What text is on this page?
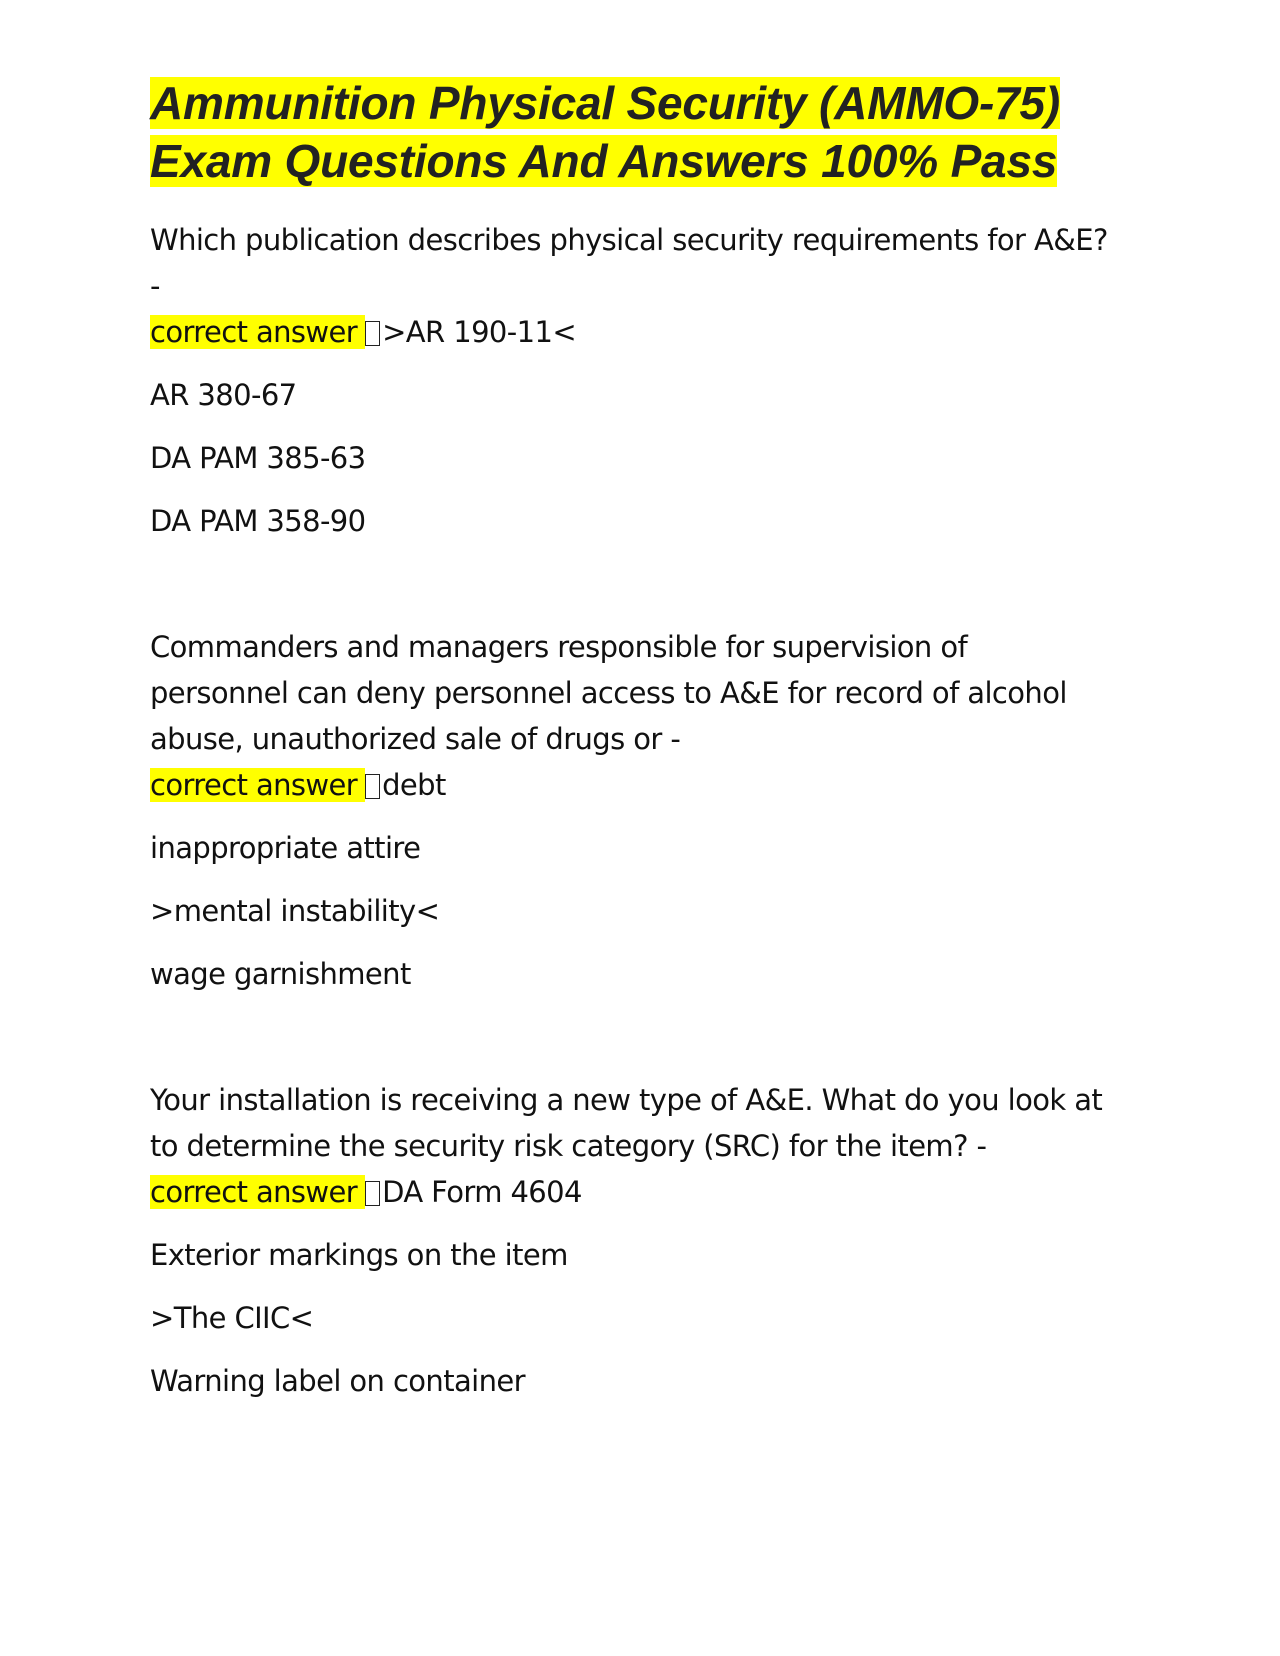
Ammunition Physical Security (AMMO-75) Exam Questions And Answers 100% Pass

Which publication describes physical security requirements for A&E? -

correct answer >AR 190-11<

AR 380-67

DA PAM 385-63

DA PAM 358-90

Commanders and managers responsible for supervision of personnel can deny personnel access to A&E for record of alcohol abuse, unauthorized sale of drugs or -

correct answer debt

inappropriate attire

>mental instability<

wage garnishment

Your installation is receiving a new type of A&E. What do you look at to determine the security risk category (SRC) for the item? -

correct answer DA Form 4604

Exterior markings on the item

>The CIIC<

Warning label on container
